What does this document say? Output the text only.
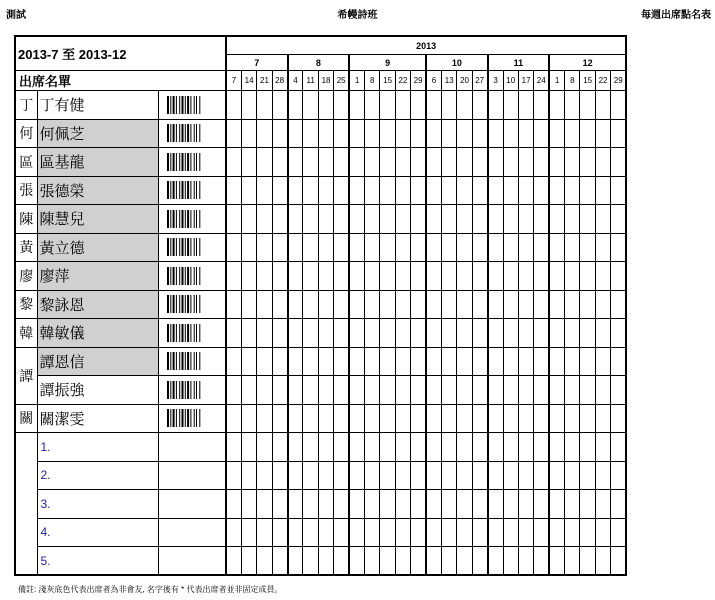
測試	希幔詩班	每週出席點名表
2013-7 至 2013-12			2013																									
			7				8				9					10				11				12				
出席名單			7	14	21	28	4	11	18	25	1	8	15	22	29	6	13	20	27	3	10	17	24	1	8	15	22	29
丁	丁有健																											
何	何佩芝																											
區	區基龍																											
張	張德榮																											
陳	陳慧兒																											
黃	黃立德																											
廖	廖萍																											
黎	黎詠恩																											
韓	韓敏儀																											
譚	譚恩信																											
	譚振強																											
關	關潔雯																											
	1.																											
	2.																											
	3.																											
	4.																											
	5.																											
備註: 淺灰底色代表出席者為非會友, 名字後有 * 代表出席者並非固定成員。
